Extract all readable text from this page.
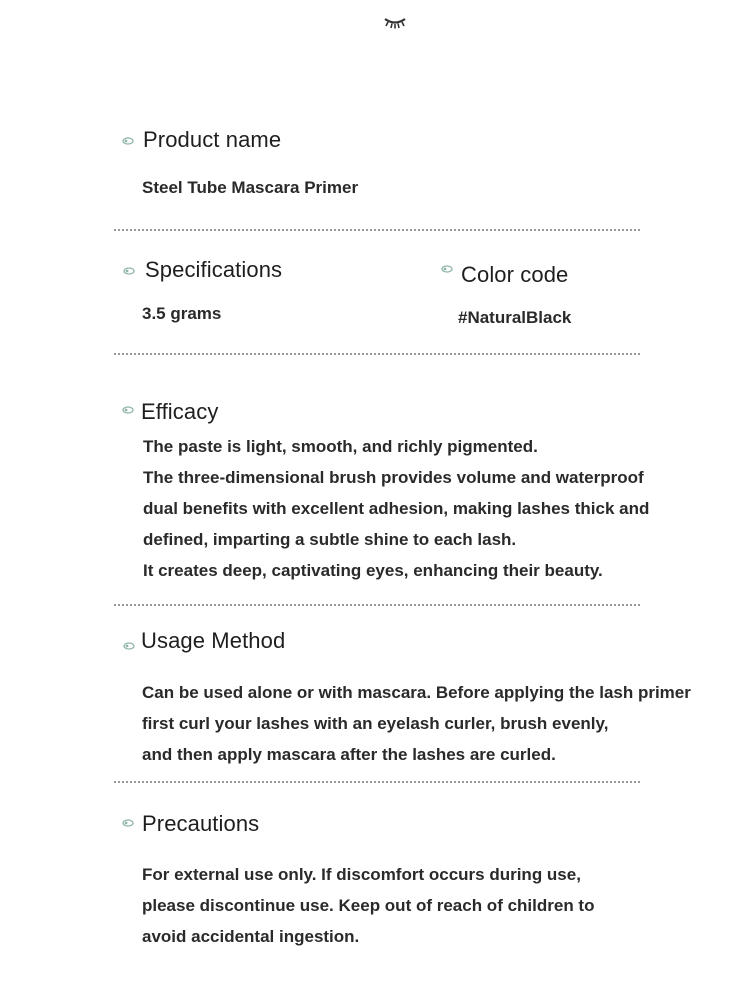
Product name
Steel Tube Mascara Primer
Specifications
3.5 grams
Color code
#NaturalBlack
Efficacy
The paste is light, smooth, and richly pigmented.
The three-dimensional brush provides volume and waterproof
dual benefits with excellent adhesion, making lashes thick and
defined, imparting a subtle shine to each lash.
It creates deep, captivating eyes, enhancing their beauty.
Usage Method
Can be used alone or with mascara. Before applying the lash primer
first curl your lashes with an eyelash curler, brush evenly,
and then apply mascara after the lashes are curled.
Precautions
For external use only. If discomfort occurs during use,
please discontinue use. Keep out of reach of children to
avoid accidental ingestion.
